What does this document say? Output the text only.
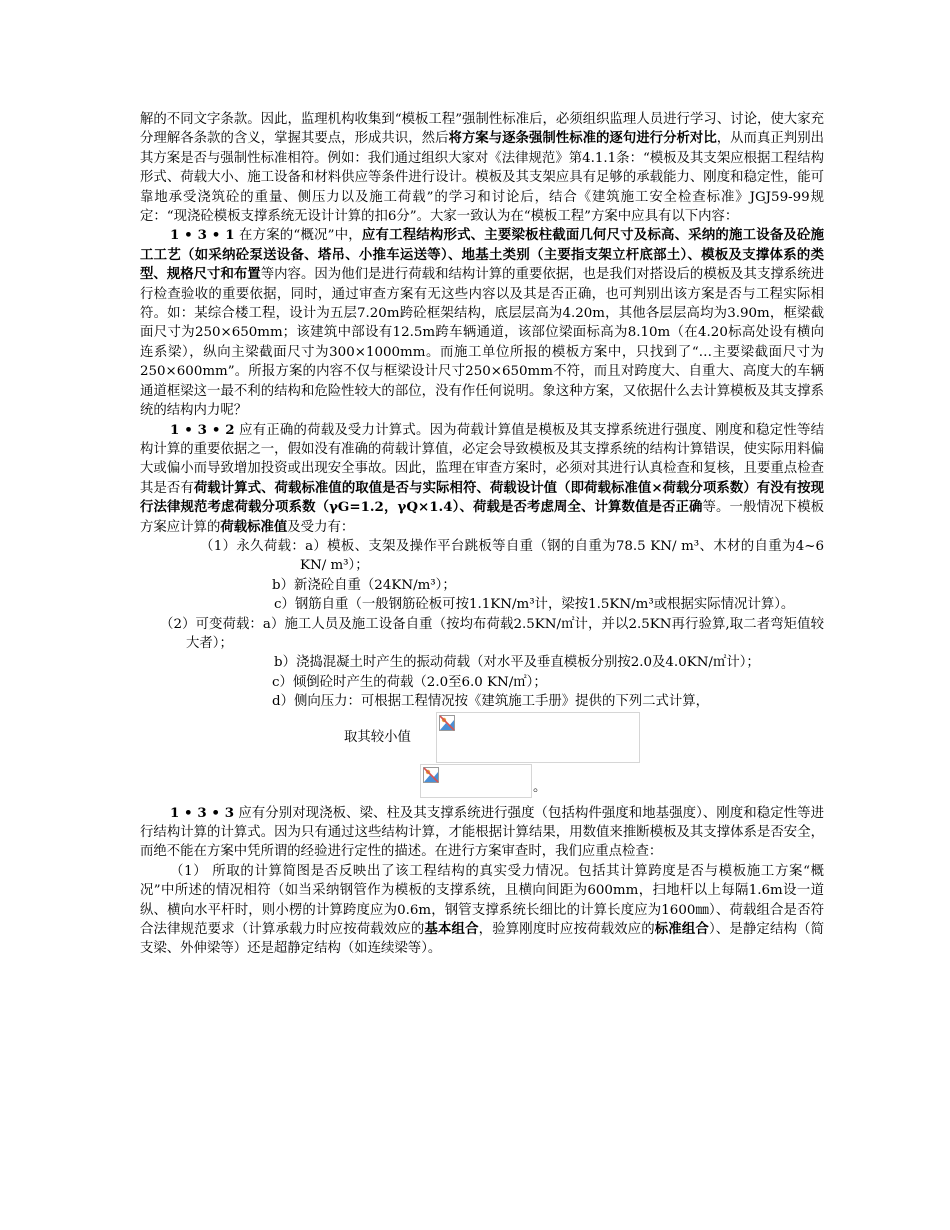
解的不同文字条款。因此，监理机构收集到“模板工程”强制性标准后，必须组织监理人员进行学习、讨论，使大家充分理解各条款的含义，掌握其要点，形成共识，然后将方案与逐条强制性标准的逐句进行分析对比，从而真正判别出其方案是否与强制性标准相符。例如：我们通过组织大家对《法律规范》第4.1.1条：“模板及其支架应根据工程结构形式、荷载大小、施工设备和材料供应等条件进行设计。模板及其支架应具有足够的承载能力、刚度和稳定性，能可靠地承受浇筑砼的重量、侧压力以及施工荷载”的学习和讨论后，结合《建筑施工安全检查标准》JGJ59-99规定：“现浇砼模板支撑系统无设计计算的扣6分”。大家一致认为在“模板工程”方案中应具有以下内容：

1 • 3 • 1 在方案的“概况”中，应有工程结构形式、主要梁板柱截面几何尺寸及标高、采纳的施工设备及砼施工工艺（如采纳砼泵送设备、塔吊、小推车运送等）、地基土类别（主要指支架立杆底部土）、模板及支撑体系的类型、规格尺寸和布置等内容。因为他们是进行荷载和结构计算的重要依据，也是我们对搭设后的模板及其支撑系统进行检查验收的重要依据，同时，通过审查方案有无这些内容以及其是否正确，也可判别出该方案是否与工程实际相符。如：某综合楼工程，设计为五层7.20m跨砼框架结构，底层层高为4.20m，其他各层层高均为3.90m，框梁截面尺寸为250×650mm；该建筑中部设有12.5m跨车辆通道，该部位梁面标高为8.10m（在4.20标高处设有横向连系梁），纵向主梁截面尺寸为300×1000mm。而施工单位所报的模板方案中，只找到了“…主要梁截面尺寸为250×600mm”。所报方案的内容不仅与框梁设计尺寸250×650mm不符，而且对跨度大、自重大、高度大的车辆通道框梁这一最不利的结构和危险性较大的部位，没有作任何说明。象这种方案，又依据什么去计算模板及其支撑系统的结构内力呢？

1 • 3 • 2 应有正确的荷载及受力计算式。因为荷载计算值是模板及其支撑系统进行强度、刚度和稳定性等结构计算的重要依据之一，假如没有准确的荷载计算值，必定会导致模板及其支撑系统的结构计算错误，使实际用料偏大或偏小而导致增加投资或出现安全事故。因此，监理在审查方案时，必须对其进行认真检查和复核，且要重点检查其是否有荷载计算式、荷载标准值的取值是否与实际相符、荷载设计值（即荷载标准值×荷载分项系数）有没有按现行法律规范考虑荷载分项系数（γG=1.2，γQ×1.4）、荷载是否考虑周全、计算数值是否正确等。一般情况下模板方案应计算的荷载标准值及受力有：

（1）永久荷载：a）模板、支架及操作平台跳板等自重（钢的自重为78.5 KN/ m³、木材的自重为4~6 KN/ m³）；

b）新浇砼自重（24KN/m³）；

c）钢筋自重（一般钢筋砼板可按1.1KN/m³计，梁按1.5KN/m³或根据实际情况计算）。

（2）可变荷载：a）施工人员及施工设备自重（按均布荷载2.5KN/㎡计，并以2.5KN再行验算,取二者弯矩值较大者）；

b）浇捣混凝土时产生的振动荷载（对水平及垂直模板分别按2.0及4.0KN/㎡计）；

c）倾倒砼时产生的荷载（2.0至6.0 KN/㎡）；

d）侧向压力：可根据工程情况按《建筑施工手册》提供的下列二式计算，

取其较小值
。

1 • 3 • 3 应有分别对现浇板、梁、柱及其支撑系统进行强度（包括构件强度和地基强度）、刚度和稳定性等进行结构计算的计算式。因为只有通过这些结构计算，才能根据计算结果，用数值来推断模板及其支撑体系是否安全，而绝不能在方案中凭所谓的经验进行定性的描述。在进行方案审查时，我们应重点检查：

（1） 所取的计算简图是否反映出了该工程结构的真实受力情况。包括其计算跨度是否与模板施工方案“概况”中所述的情况相符（如当采纳钢管作为模板的支撑系统，且横向间距为600mm，扫地杆以上每隔1.6m设一道纵、横向水平杆时，则小楞的计算跨度应为0.6m，钢管支撑系统长细比的计算长度应为1600㎜）、荷载组合是否符合法律规范要求（计算承载力时应按荷载效应的基本组合，验算刚度时应按荷载效应的标准组合）、是静定结构（简支梁、外伸梁等）还是超静定结构（如连续梁等）。
